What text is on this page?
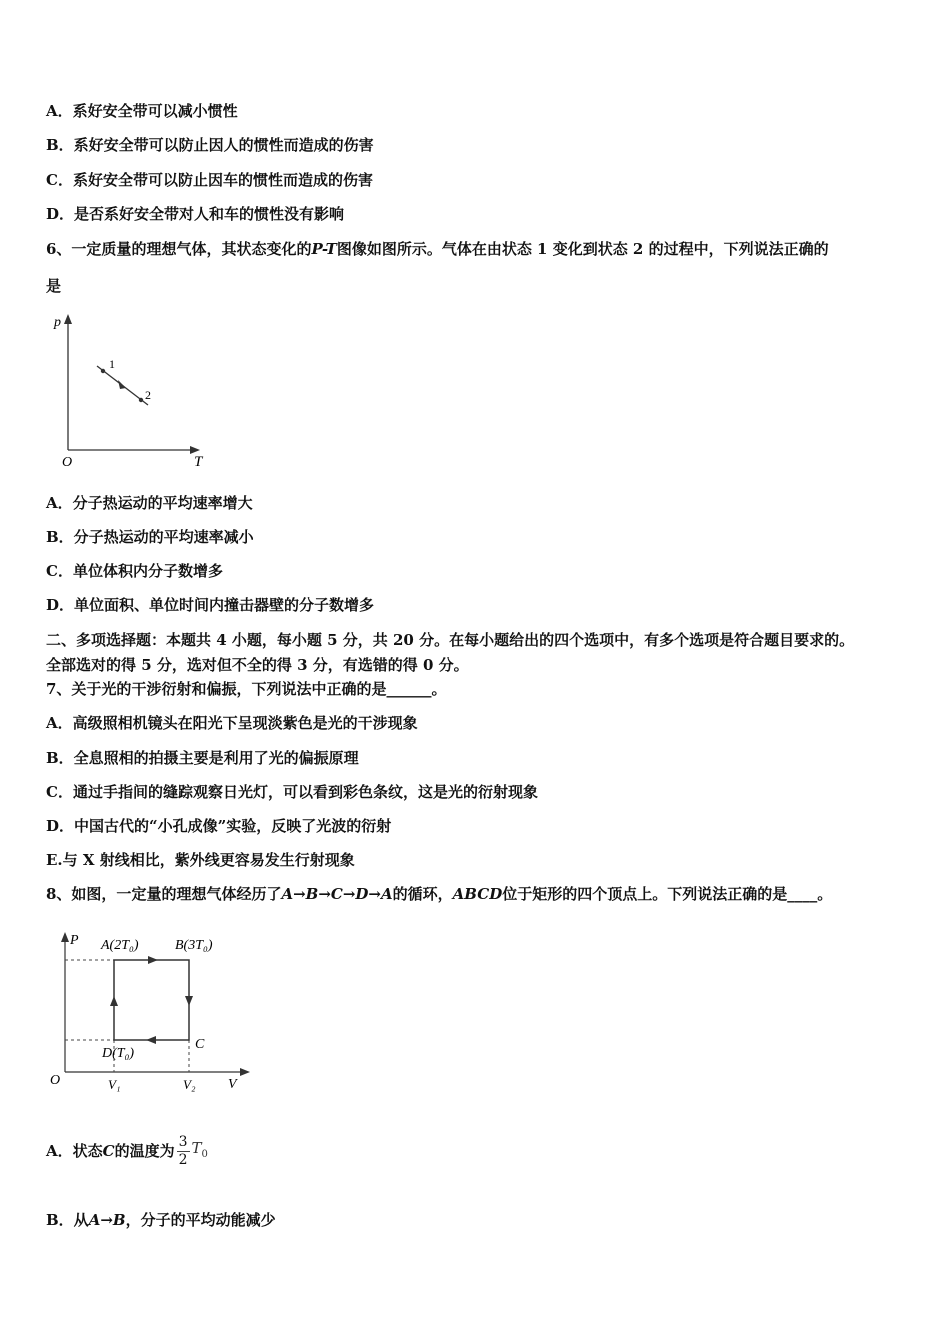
A．系好安全带可以减小惯性
B．系好安全带可以防止因人的惯性而造成的伤害
C．系好安全带可以防止因车的惯性而造成的伤害
D．是否系好安全带对人和车的惯性没有影响
6、一定质量的理想气体，其状态变化的P-T图像如图所示。气体在由状态 1 变化到状态 2 的过程中，下列说法正确的
是
p
T
O
1
2
A．分子热运动的平均速率增大
B．分子热运动的平均速率减小
C．单位体积内分子数增多
D．单位面积、单位时间内撞击器壁的分子数增多
二、多项选择题：本题共 4 小题，每小题 5 分，共 20 分。在每小题给出的四个选项中，有多个选项是符合题目要求的。
全部选对的得 5 分，选对但不全的得 3 分，有选错的得 0 分。
7、关于光的干涉衍射和偏振，下列说法中正确的是______。
A．高级照相机镜头在阳光下呈现淡紫色是光的干涉现象
B．全息照相的拍摄主要是利用了光的偏振原理
C．通过手指间的缝踪观察日光灯，可以看到彩色条纹，这是光的衍射现象
D．中国古代的“小孔成像”实验，反映了光波的衍射
E.与 X 射线相比，紫外线更容易发生行射现象
8、如图，一定量的理想气体经历了A→B→C→D→A的循环，ABCD位于矩形的四个顶点上。下列说法正确的是____。
P
V
O
A(2T₀)	B(3T₀)
C
D(T₀)
V₁	V₂
A．状态 C 的温度为 $\frac{3}{2} T_0$
B．从A→B，分子的平均动能减少
